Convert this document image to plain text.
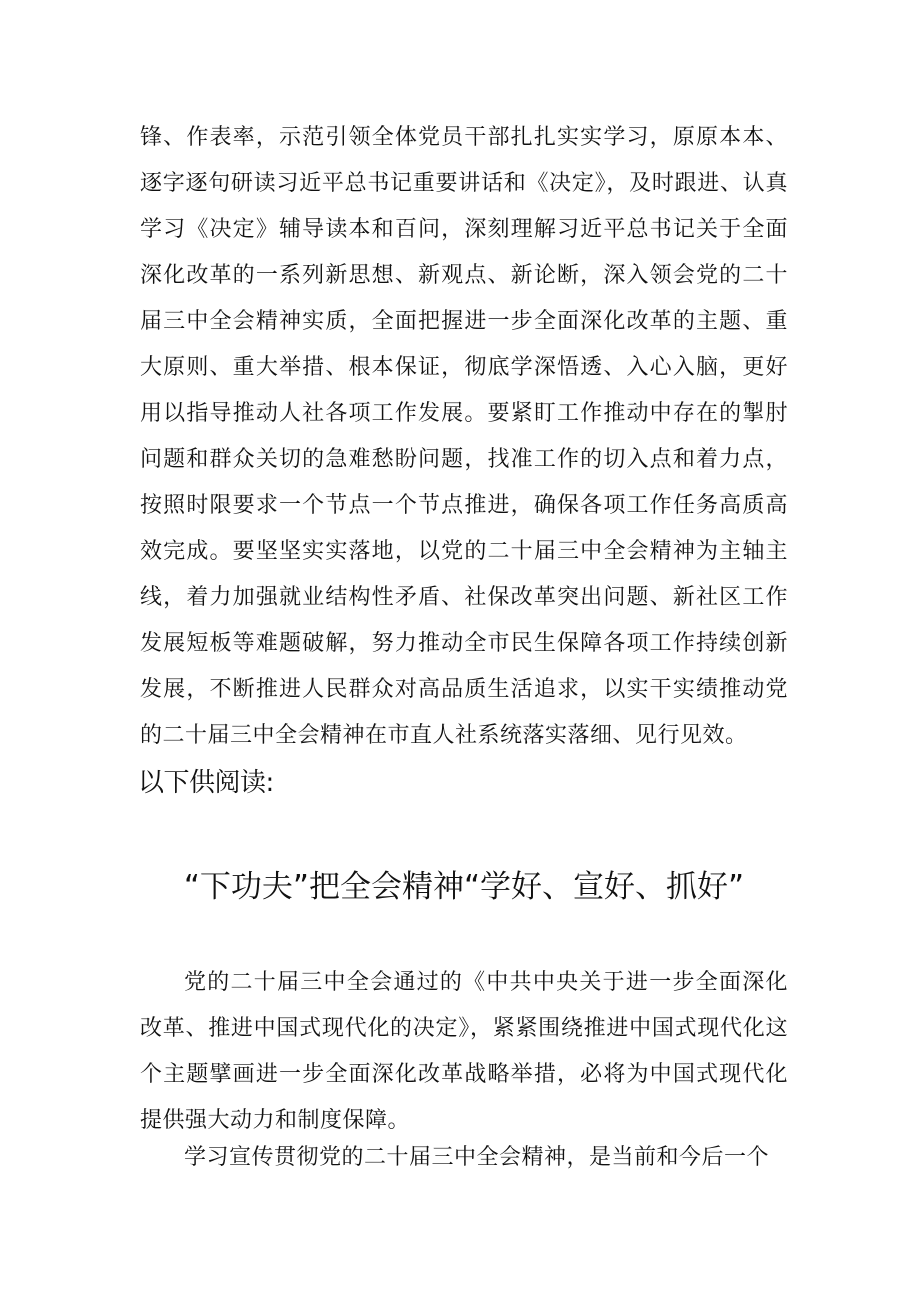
锋、作表率，示范引领全体党员干部扎扎实实学习，原原本本、逐字逐句研读习近平总书记重要讲话和《决定》，及时跟进、认真学习《决定》辅导读本和百问，深刻理解习近平总书记关于全面深化改革的一系列新思想、新观点、新论断，深入领会党的二十届三中全会精神实质，全面把握进一步全面深化改革的主题、重大原则、重大举措、根本保证，彻底学深悟透、入心入脑，更好用以指导推动人社各项工作发展。要紧盯工作推动中存在的掣肘问题和群众关切的急难愁盼问题，找准工作的切入点和着力点，按照时限要求一个节点一个节点推进，确保各项工作任务高质高效完成。要坚坚实实落地，以党的二十届三中全会精神为主轴主线，着力加强就业结构性矛盾、社保改革突出问题、新社区工作发展短板等难题破解，努力推动全市民生保障各项工作持续创新发展，不断推进人民群众对高品质生活追求，以实干实绩推动党的二十届三中全会精神在市直人社系统落实落细、见行见效。

以下供阅读:
“下功夫”把全会精神“学好、宣好、抓好”

党的二十届三中全会通过的《中共中央关于进一步全面深化改革、推进中国式现代化的决定》，紧紧围绕推进中国式现代化这个主题擘画进一步全面深化改革战略举措，必将为中国式现代化提供强大动力和制度保障。

学习宣传贯彻党的二十届三中全会精神，是当前和今后一个
